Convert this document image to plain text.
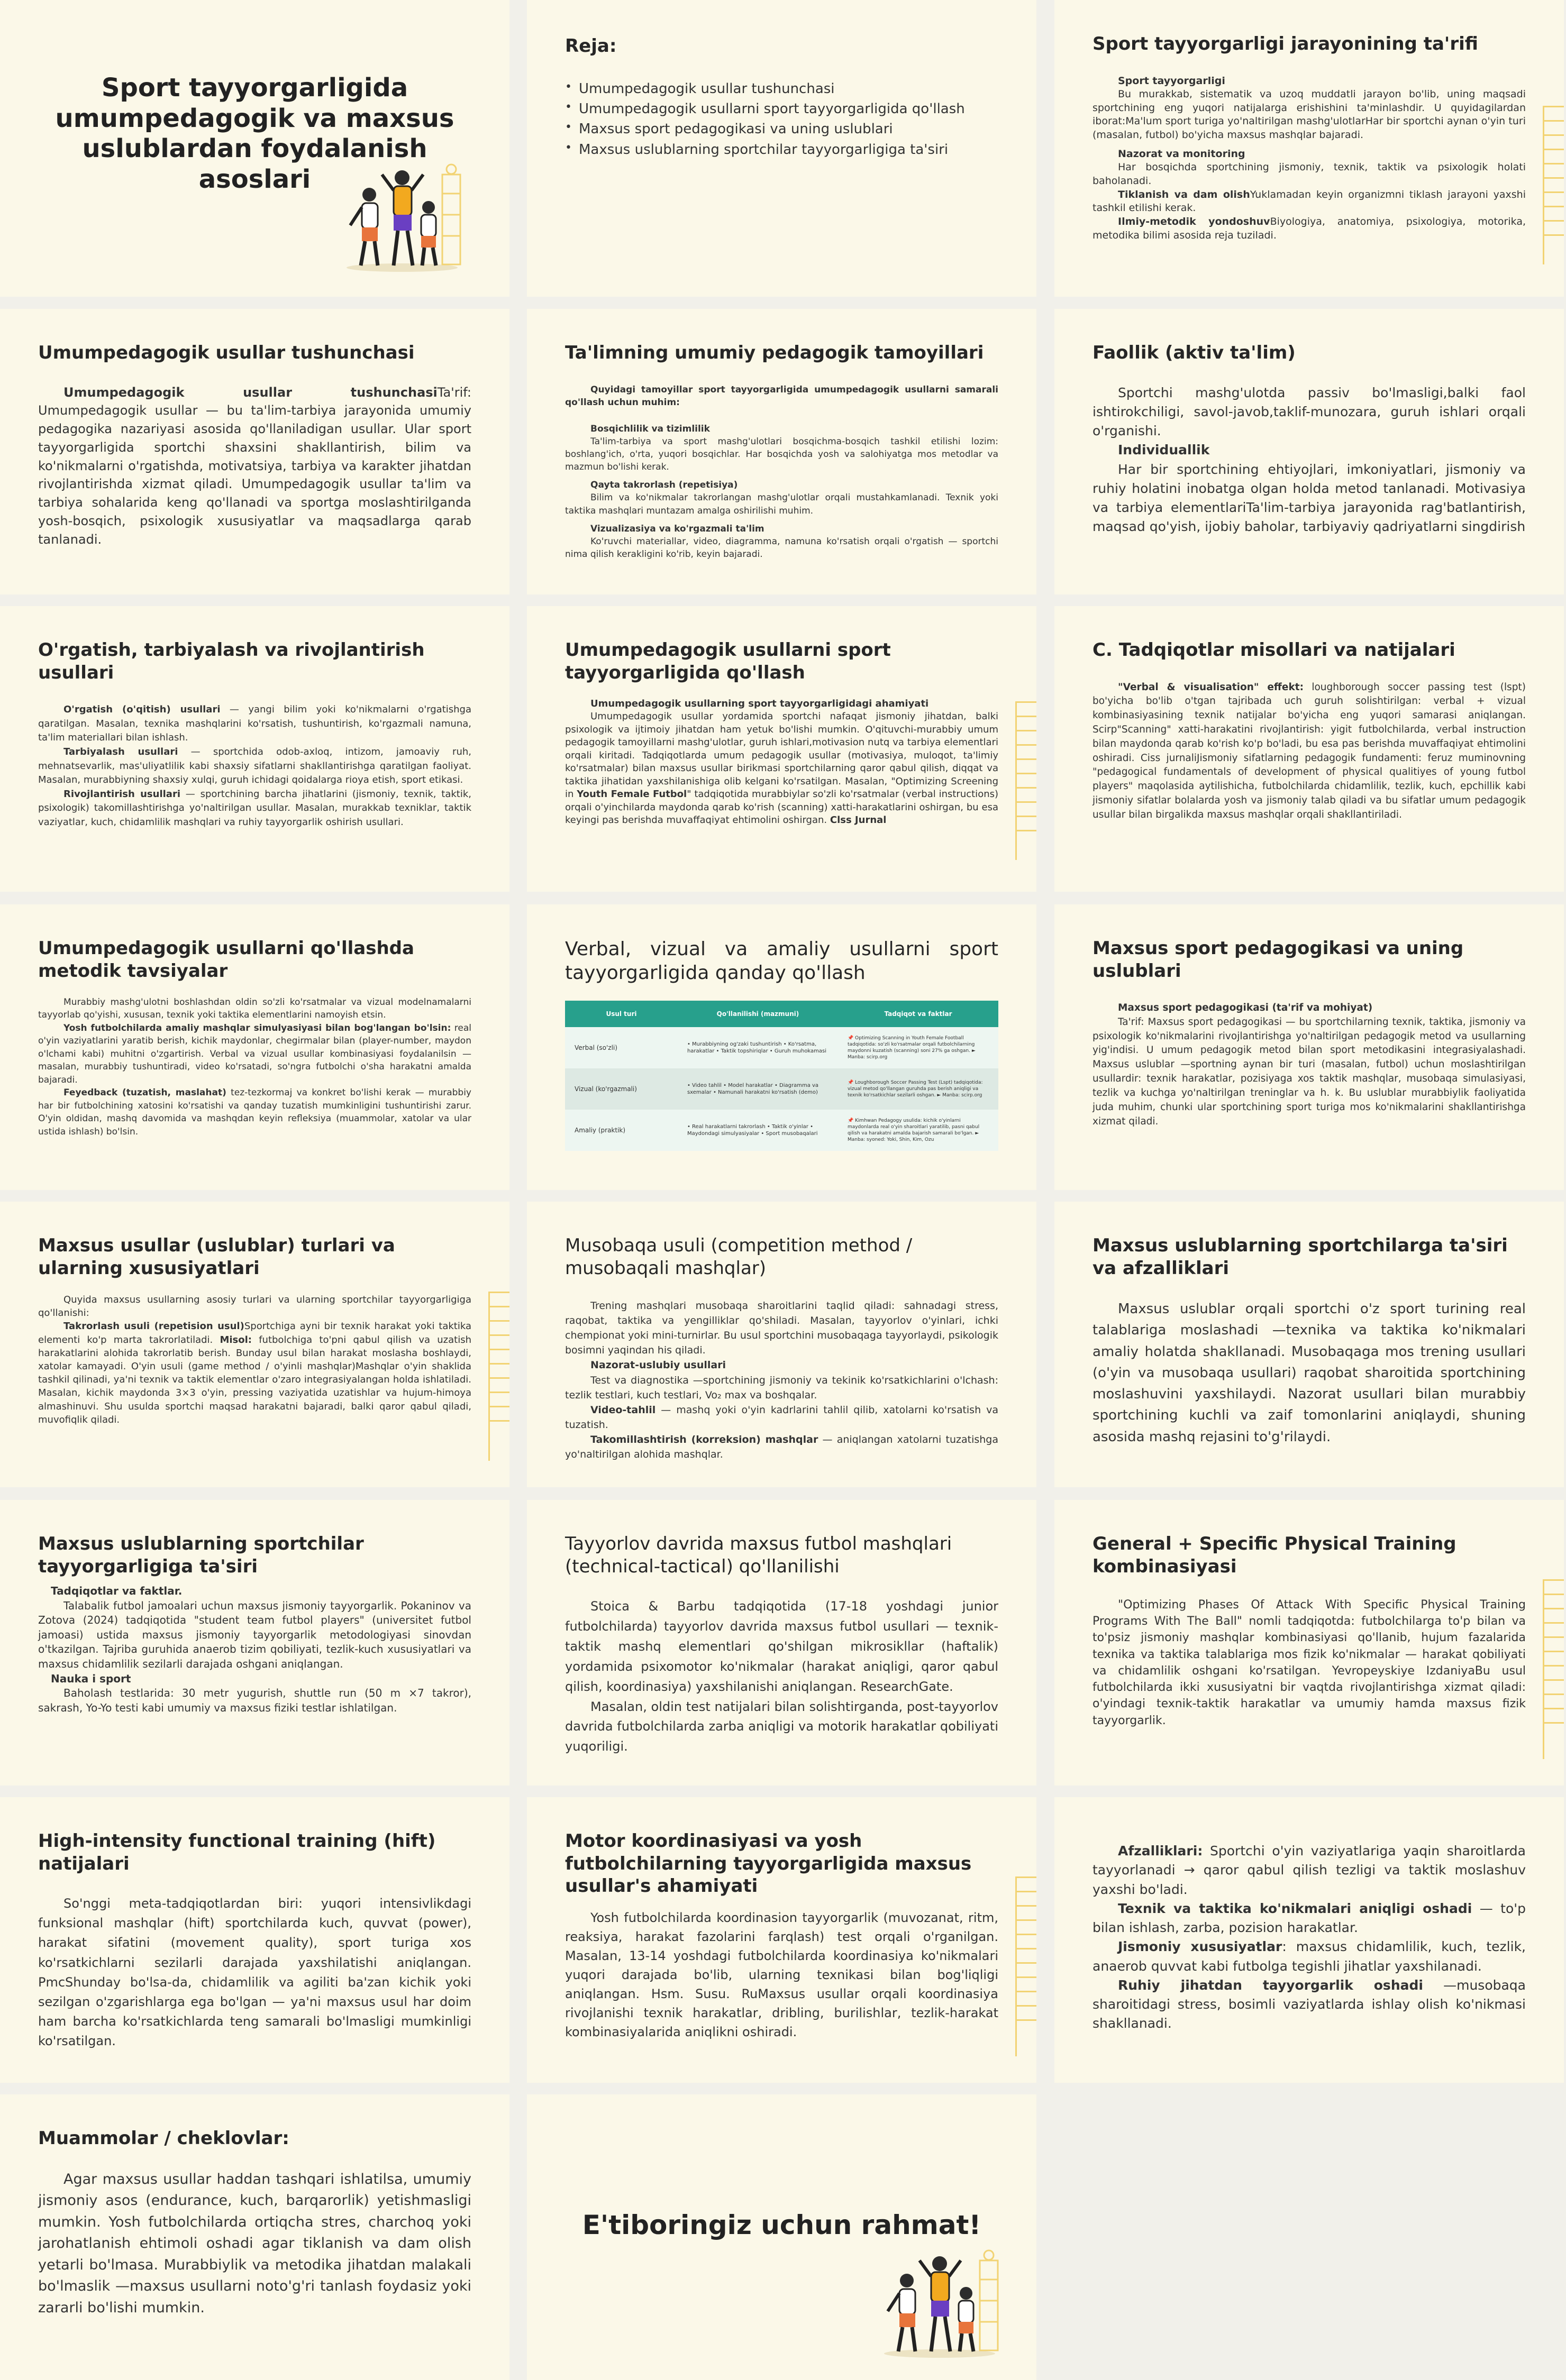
Sport tayyorgarligida umumpedagogik va maxsus uslublardan foydalanish asoslari
Reja:
• Umumpedagogik usullar tushunchasi
• Umumpedagogik usullarni sport tayyorgarligida qo'llash
• Maxsus sport pedagogikasi va uning uslublari
• Maxsus uslublarning sportchilar tayyorgarligiga ta'siri
Sport tayyorgarligi jarayonining ta'rifi

Sport tayyorgarligi

Bu murakkab, sistematik va uzoq muddatli jarayon bo'lib, uning maqsadi sportchining eng yuqori natijalarga erishishini ta'minlashdir. U quyidagilardan iborat:Ma'lum sport turiga yo'naltirilgan mashg'ulotlarHar bir sportchi aynan o'yin turi (masalan, futbol) bo'yicha maxsus mashqlar bajaradi.

Nazorat va monitoring

Har bosqichda sportchining jismoniy, texnik, taktik va psixologik holati baholanadi.

Tiklanish va dam olishYuklamadan keyin organizmni tiklash jarayoni yaxshi tashkil etilishi kerak.

Ilmiy-metodik yondoshuvBiyologiya, anatomiya, psixologiya, motorika, metodika bilimi asosida reja tuziladi.

Umumpedagogik usullar tushunchasi

Umumpedagogik usullar tushunchasiTa'rif: Umumpedagogik usullar — bu ta'lim-tarbiya jarayonida umumiy pedagogika nazariyasi asosida qo'llaniladigan usullar. Ular sport tayyorgarligida sportchi shaxsini shakllantirish, bilim va ko'nikmalarni o'rgatishda, motivatsiya, tarbiya va karakter jihatdan rivojlantirishda xizmat qiladi. Umumpedagogik usullar ta'lim va tarbiya sohalarida keng qo'llanadi va sportga moslashtirilganda yosh-bosqich, psixologik xususiyatlar va maqsadlarga qarab tanlanadi.

Ta'limning umumiy pedagogik tamoyillari

Quyidagi tamoyillar sport tayyorgarligida umumpedagogik usullarni samarali qo'llash uchun muhim:

Bosqichlilik va tizimlilik

Ta'lim-tarbiya va sport mashg'ulotlari bosqichma-bosqich tashkil etilishi lozim: boshlang'ich, o'rta, yuqori bosqichlar. Har bosqichda yosh va salohiyatga mos metodlar va mazmun bo'lishi kerak.

Qayta takrorlash (repetisiya)

Bilim va ko'nikmalar takrorlangan mashg'ulotlar orqali mustahkamlanadi. Texnik yoki taktika mashqlari muntazam amalga oshirilishi muhim.

Vizualizasiya va ko'rgazmali ta'lim

Ko'ruvchi materiallar, video, diagramma, namuna ko'rsatish orqali o'rgatish — sportchi nima qilish kerakligini ko'rib, keyin bajaradi.

Faollik (aktiv ta'lim)

Sportchi mashg'ulotda passiv bo'lmasligi,balki faol ishtirokchiligi, savol-javob,taklif-munozara, guruh ishlari orqali o'rganishi.

Individuallik

Har bir sportchining ehtiyojlari, imkoniyatlari, jismoniy va ruhiy holatini inobatga olgan holda metod tanlanadi. Motivasiya va tarbiya elementlariTa'lim-tarbiya jarayonida rag'batlantirish, maqsad qo'yish, ijobiy baholar, tarbiyaviy qadriyatlarni singdirish

O'rgatish, tarbiyalash va rivojlantirish usullari

O'rgatish (o'qitish) usullari — yangi bilim yoki ko'nikmalarni o'rgatishga qaratilgan. Masalan, texnika mashqlarini ko'rsatish, tushuntirish, ko'rgazmali namuna, ta'lim materiallari bilan ishlash.

Tarbiyalash usullari — sportchida odob-axloq, intizom, jamoaviy ruh, mehnatsevarlik, mas'uliyatlilik kabi shaxsiy sifatlarni shakllantirishga qaratilgan faoliyat. Masalan, murabbiyning shaxsiy xulqi, guruh ichidagi qoidalarga rioya etish, sport etikasi.

Rivojlantirish usullari — sportchining barcha jihatlarini (jismoniy, texnik, taktik, psixologik) takomillashtirishga yo'naltirilgan usullar. Masalan, murakkab texniklar, taktik vaziyatlar, kuch, chidamlilik mashqlari va ruhiy tayyorgarlik oshirish usullari.

Umumpedagogik usullarni sport tayyorgarligida qo'llash

Umumpedagogik usullarning sport tayyorgarligidagi ahamiyati

Umumpedagogik usullar yordamida sportchi nafaqat jismoniy jihatdan, balki psixologik va ijtimoiy jihatdan ham yetuk bo'lishi mumkin. O'qituvchi-murabbiy umum pedagogik tamoyillarni mashg'ulotlar, guruh ishlari,motivasion nutq va tarbiya elementlari orqali kiritadi. Tadqiqotlarda umum pedagogik usullar (motivasiya, muloqot, ta'limiy ko'rsatmalar) bilan maxsus usullar birikmasi sportchilarning qaror qabul qilish, diqqat va taktika jihatidan yaxshilanishiga olib kelgani ko'rsatilgan. Masalan, "Optimizing Screening in Youth Female Futbol" tadqiqotida murabbiylar so'zli ko'rsatmalar (verbal instructions) orqali o'yinchilarda maydonda qarab ko'rish (scanning) xatti-harakatlarini oshirgan, bu esa keyingi pas berishda muvaffaqiyat ehtimolini oshirgan. Clss Jurnal

C. Tadqiqotlar misollari va natijalari

"Verbal & visualisation" effekt: loughborough soccer passing test (lspt) bo'yicha bo'lib o'tgan tajribada uch guruh solishtirilgan: verbal + vizual kombinasiyasining texnik natijalar bo'yicha eng yuqori samarasi aniqlangan. Scirp"Scanning" xatti-harakatini rivojlantirish: yigit futbolchilarda, verbal instruction bilan maydonda qarab ko'rish ko'p bo'ladi, bu esa pas berishda muvaffaqiyat ehtimolini oshiradi. Ciss jurnaliJismoniy sifatlarning pedagogik fundamenti: feruz muminovning "pedagogical fundamentals of development of physical qualitiyes of young futbol players" maqolasida aytilishicha, futbolchilarda chidamlilik, tezlik, kuch, epchillik kabi jismoniy sifatlar bolalarda yosh va jismoniy talab qiladi va bu sifatlar umum pedagogik usullar bilan birgalikda maxsus mashqlar orqali shakllantiriladi.

Umumpedagogik usullarni qo'llashda metodik tavsiyalar

Murabbiy mashg'ulotni boshlashdan oldin so'zli ko'rsatmalar va vizual modelnamalarni tayyorlab qo'yishi, xususan, texnik yoki taktika elementlarini namoyish etsin.

Yosh futbolchilarda amaliy mashqlar simulyasiyasi bilan bog'langan bo'lsin: real o'yin vaziyatlarini yaratib berish, kichik maydonlar, chegirmalar bilan (player-number, maydon o'lchami kabi) muhitni o'zgartirish. Verbal va vizual usullar kombinasiyasi foydalanilsin — masalan, murabbiy tushuntiradi, video ko'rsatadi, so'ngra futbolchi o'sha harakatni amalda bajaradi.

Feyedback (tuzatish, maslahat) tez-tezkormaj va konkret bo'lishi kerak — murabbiy har bir futbolchining xatosini ko'rsatishi va qanday tuzatish mumkinligini tushuntirishi zarur. O'yin oldidan, mashq davomida va mashqdan keyin refleksiya (muammolar, xatolar va ular ustida ishlash) bo'lsin.

Verbal, vizual va amaliy usullarni sport tayyorgarligida qanday qo'llash
Usul turi	Qo'llanilishi (mazmuni)	Tadqiqot va faktlar
Verbal (so'zli)	• Murabbiyning og'zaki tushuntirish • Ko'rsatma, harakatlar • Taktik topshiriqlar • Guruh muhokamasi	📌 Optimizing Scanning in Youth Female Football tadqiqotida: so'zli ko'rsatmalar orqali futbolchilarning maydonni kuzatish (scanning) soni 27% ga oshgan. ► Manba: scirp.org
Vizual (ko'rgazmali)	• Video tahlil • Model harakatlar • Diagramma va sxemalar • Namunali harakatni ko'rsatish (demo)	📌 Loughborough Soccer Passing Test (Lspt) tadqiqotida: vizual metod qo'llangan guruhda pas berish aniqligi va texnik ko'rsatkichlar sezilarli oshgan. ► Manba: scirp.org
Amaliy (praktik)	• Real harakatlarni takrorlash • Taktik o'yinlar • Maydondagi simulyasiyalar • Sport musobaqalari	📌 Kimhwan Pedagogy usulida: kichik o'yinlarni maydonlarda real o'yin sharoitlari yaratilib, pasni qabul qilish va harakatni amalda bajarish samarali bo'lgan. ► Manba: syoned: Yoki, Shin, Kim, Ozu
Maxsus sport pedagogikasi va uning uslublari

Maxsus sport pedagogikasi (ta'rif va mohiyat)

Ta'rif: Maxsus sport pedagogikasi — bu sportchilarning texnik, taktika, jismoniy va psixologik ko'nikmalarini rivojlantirishga yo'naltirilgan pedagogik metod va usullarning yig'indisi. U umum pedagogik metod bilan sport metodikasini integrasiyalashadi. Maxsus uslublar —sportning aynan bir turi (masalan, futbol) uchun moslashtirilgan usullardir: texnik harakatlar, pozisiyaga xos taktik mashqlar, musobaqa simulasiyasi, tezlik va kuchga yo'naltirilgan treninglar va h. k. Bu uslublar murabbiylik faoliyatida juda muhim, chunki ular sportchining sport turiga mos ko'nikmalarini shakllantirishga xizmat qiladi.

Maxsus usullar (uslublar) turlari va ularning xususiyatlari

Quyida maxsus usullarning asosiy turlari va ularning sportchilar tayyorgarligiga qo'llanishi:

Takrorlash usuli (repetision usul)Sportchiga ayni bir texnik harakat yoki taktika elementi ko'p marta takrorlatiladi. Misol: futbolchiga to'pni qabul qilish va uzatish harakatlarini alohida takrorlatib berish. Bunday usul bilan harakat moslasha boshlaydi, xatolar kamayadi. O'yin usuli (game method / o'yinli mashqlar)Mashqlar o'yin shaklida tashkil qilinadi, ya'ni texnik va taktik elementlar o'zaro integrasiyalangan holda ishlatiladi. Masalan, kichik maydonda 3×3 o'yin, pressing vaziyatida uzatishlar va hujum-himoya almashinuvi. Shu usulda sportchi maqsad harakatni bajaradi, balki qaror qabul qiladi, muvofiqlik qiladi.

Musobaqa usuli (competition method / musobaqali mashqlar)

Trening mashqlari musobaqa sharoitlarini taqlid qiladi: sahnadagi stress, raqobat, taktika va yengilliklar qo'shiladi. Masalan, tayyorlov o'yinlari, ichki chempionat yoki mini-turnirlar. Bu usul sportchini musobaqaga tayyorlaydi, psikologik bosimni yaqindan his qiladi.

Nazorat-uslubiy usullari

Test va diagnostika —sportchining jismoniy va tekinik ko'rsatkichlarini o'lchash: tezlik testlari, kuch testlari, Vo₂ max va boshqalar.

Video-tahlil — mashq yoki o'yin kadrlarini tahlil qilib, xatolarni ko'rsatish va tuzatish.

Takomillashtirish (korreksion) mashqlar — aniqlangan xatolarni tuzatishga yo'naltirilgan alohida mashqlar.

Maxsus uslublarning sportchilarga ta'siri va afzalliklari

Maxsus uslublar orqali sportchi o'z sport turining real talablariga moslashadi —texnika va taktika ko'nikmalari amaliy holatda shakllanadi. Musobaqaga mos trening usullari (o'yin va musobaqa usullari) raqobat sharoitida sportchining moslashuvini yaxshilaydi. Nazorat usullari bilan murabbiy sportchining kuchli va zaif tomonlarini aniqlaydi, shuning asosida mashq rejasini to'g'rilaydi.

Maxsus uslublarning sportchilar tayyorgarligiga ta'siri

Tadqiqotlar va faktlar.

Talabalik futbol jamoalari uchun maxsus jismoniy tayyorgarlik. Pokaninov va Zotova (2024) tadqiqotida "student team futbol players" (universitet futbol jamoasi) ustida maxsus jismoniy tayyorgarlik metodologiyasi sinovdan o'tkazilgan. Tajriba guruhida anaerob tizim qobiliyati, tezlik-kuch xususiyatlari va maxsus chidamlilik sezilarli darajada oshgani aniqlangan.

Nauka i sport

Baholash testlarida: 30 metr yugurish, shuttle run (50 m ×7 takror), sakrash, Yo-Yo testi kabi umumiy va maxsus fiziki testlar ishlatilgan.

Tayyorlov davrida maxsus futbol mashqlari (technical-tactical) qo'llanilishi

Stoica & Barbu tadqiqotida (17-18 yoshdagi junior futbolchilarda) tayyorlov davrida maxsus futbol usullari — texnik-taktik mashq elementlari qo'shilgan mikrosikllar (haftalik) yordamida psixomotor ko'nikmalar (harakat aniqligi, qaror qabul qilish, koordinasiya) yaxshilanishi aniqlangan. ResearchGate.

Masalan, oldin test natijalari bilan solishtirganda, post-tayyorlov davrida futbolchilarda zarba aniqligi va motorik harakatlar qobiliyati yuqoriligi.

General + Specific Physical Training kombinasiyasi

"Optimizing Phases Of Attack With Specific Physical Training Programs With The Ball" nomli tadqiqotda: futbolchilarga to'p bilan va to'psiz jismoniy mashqlar kombinasiyasi qo'llanib, hujum fazalarida texnika va taktika talablariga mos fizik ko'nikmalar — harakat qobiliyati va chidamlilik oshgani ko'rsatilgan. Yevropeyskiye IzdaniyaBu usul futbolchilarda ikki xususiyatni bir vaqtda rivojlantirishga xizmat qiladi: o'yindagi texnik-taktik harakatlar va umumiy hamda maxsus fizik tayyorgarlik.

High-intensity functional training (hift) natijalari

So'nggi meta-tadqiqotlardan biri: yuqori intensivlikdagi funksional mashqlar (hift) sportchilarda kuch, quvvat (power), harakat sifatini (movement quality), sport turiga xos ko'rsatkichlarni sezilarli darajada yaxshilatishi aniqlangan. PmcShunday bo'lsa-da, chidamlilik va agiliti ba'zan kichik yoki sezilgan o'zgarishlarga ega bo'lgan — ya'ni maxsus usul har doim ham barcha ko'rsatkichlarda teng samarali bo'lmasligi mumkinligi ko'rsatilgan.

Motor koordinasiyasi va yosh futbolchilarning tayyorgarligida maxsus usullar's ahamiyati

Yosh futbolchilarda koordinasion tayyorgarlik (muvozanat, ritm, reaksiya, harakat fazolarini farqlash) test orqali o'rganilgan. Masalan, 13-14 yoshdagi futbolchilarda koordinasiya ko'nikmalari yuqori darajada bo'lib, ularning texnikasi bilan bog'liqligi aniqlangan. Hsm. Susu. RuMaxsus usullar orqali koordinasiya rivojlanishi texnik harakatlar, dribling, burilishlar, tezlik-harakat kombinasiyalarida aniqlikni oshiradi.

Afzalliklari: Sportchi o'yin vaziyatlariga yaqin sharoitlarda tayyorlanadi → qaror qabul qilish tezligi va taktik moslashuv yaxshi bo'ladi.

Texnik va taktika ko'nikmalari aniqligi oshadi — to'p bilan ishlash, zarba, pozision harakatlar.

Jismoniy xususiyatlar: maxsus chidamlilik, kuch, tezlik, anaerob quvvat kabi futbolga tegishli jihatlar yaxshilanadi.

Ruhiy jihatdan tayyorgarlik oshadi —musobaqa sharoitidagi stress, bosimli vaziyatlarda ishlay olish ko'nikmasi shakllanadi.

Muammolar / cheklovlar:

Agar maxsus usullar haddan tashqari ishlatilsa, umumiy jismoniy asos (endurance, kuch, barqarorlik) yetishmasligi mumkin. Yosh futbolchilarda ortiqcha stres, charchoq yoki jarohatlanish ehtimoli oshadi agar tiklanish va dam olish yetarli bo'lmasa. Murabbiylik va metodika jihatdan malakali bo'lmaslik —maxsus usullarni noto'g'ri tanlash foydasiz yoki zararli bo'lishi mumkin.

E'tiboringiz uchun rahmat!
